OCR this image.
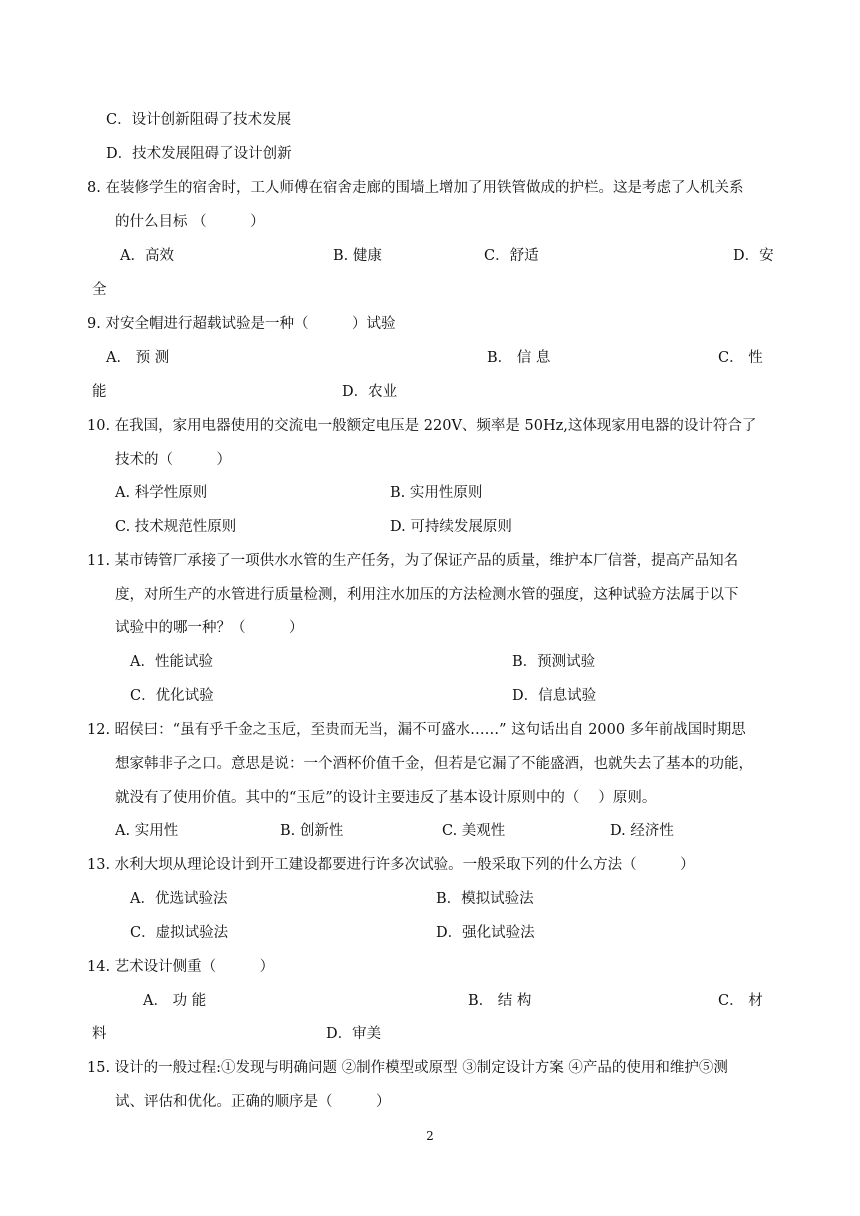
C．设计创新阻碍了技术发展
D．技术发展阻碍了设计创新
8. 在装修学生的宿舍时，工人师傅在宿舍走廊的围墙上增加了用铁管做成的护栏。这是考虑了人机关系
的什么目标 （　　　）
A．高效	B. 健康	C．舒适	D．安
全
9. 对安全帽进行超载试验是一种（　　　）试验
A． 预 测	B． 信 息	C． 性
能	D．农业
10. 在我国，家用电器使用的交流电一般额定电压是 220V、频率是 50Hz,这体现家用电器的设计符合了
技术的（　　　）
A. 科学性原则	B. 实用性原则
C. 技术规范性原则	D. 可持续发展原则
11. 某市铸管厂承接了一项供水水管的生产任务，为了保证产品的质量，维护本厂信誉，提高产品知名
度，对所生产的水管进行质量检测，利用注水加压的方法检测水管的强度，这种试验方法属于以下
试验中的哪一种？（　　　）
A．性能试验	B．预测试验
C．优化试验	D．信息试验
12. 昭侯曰：“虽有乎千金之玉卮，至贵而无当，漏不可盛水……” 这句话出自 2000 多年前战国时期思
想家韩非子之口。意思是说：一个酒杯价值千金，但若是它漏了不能盛酒，也就失去了基本的功能，
就没有了使用价值。其中的“玉卮”的设计主要违反了基本设计原则中的（　 ）原则。
A. 实用性	B. 创新性	C. 美观性	D. 经济性
13. 水利大坝从理论设计到开工建设都要进行许多次试验。一般采取下列的什么方法（　　　）
A．优选试验法	B．模拟试验法
C．虚拟试验法	D．强化试验法
14. 艺术设计侧重（　　　）
A． 功 能	B． 结 构	C． 材
料	D．审美
15. 设计的一般过程:①发现与明确问题 ②制作模型或原型 ③制定设计方案 ④产品的使用和维护⑤测
试、评估和优化。正确的顺序是（　　　）
2
